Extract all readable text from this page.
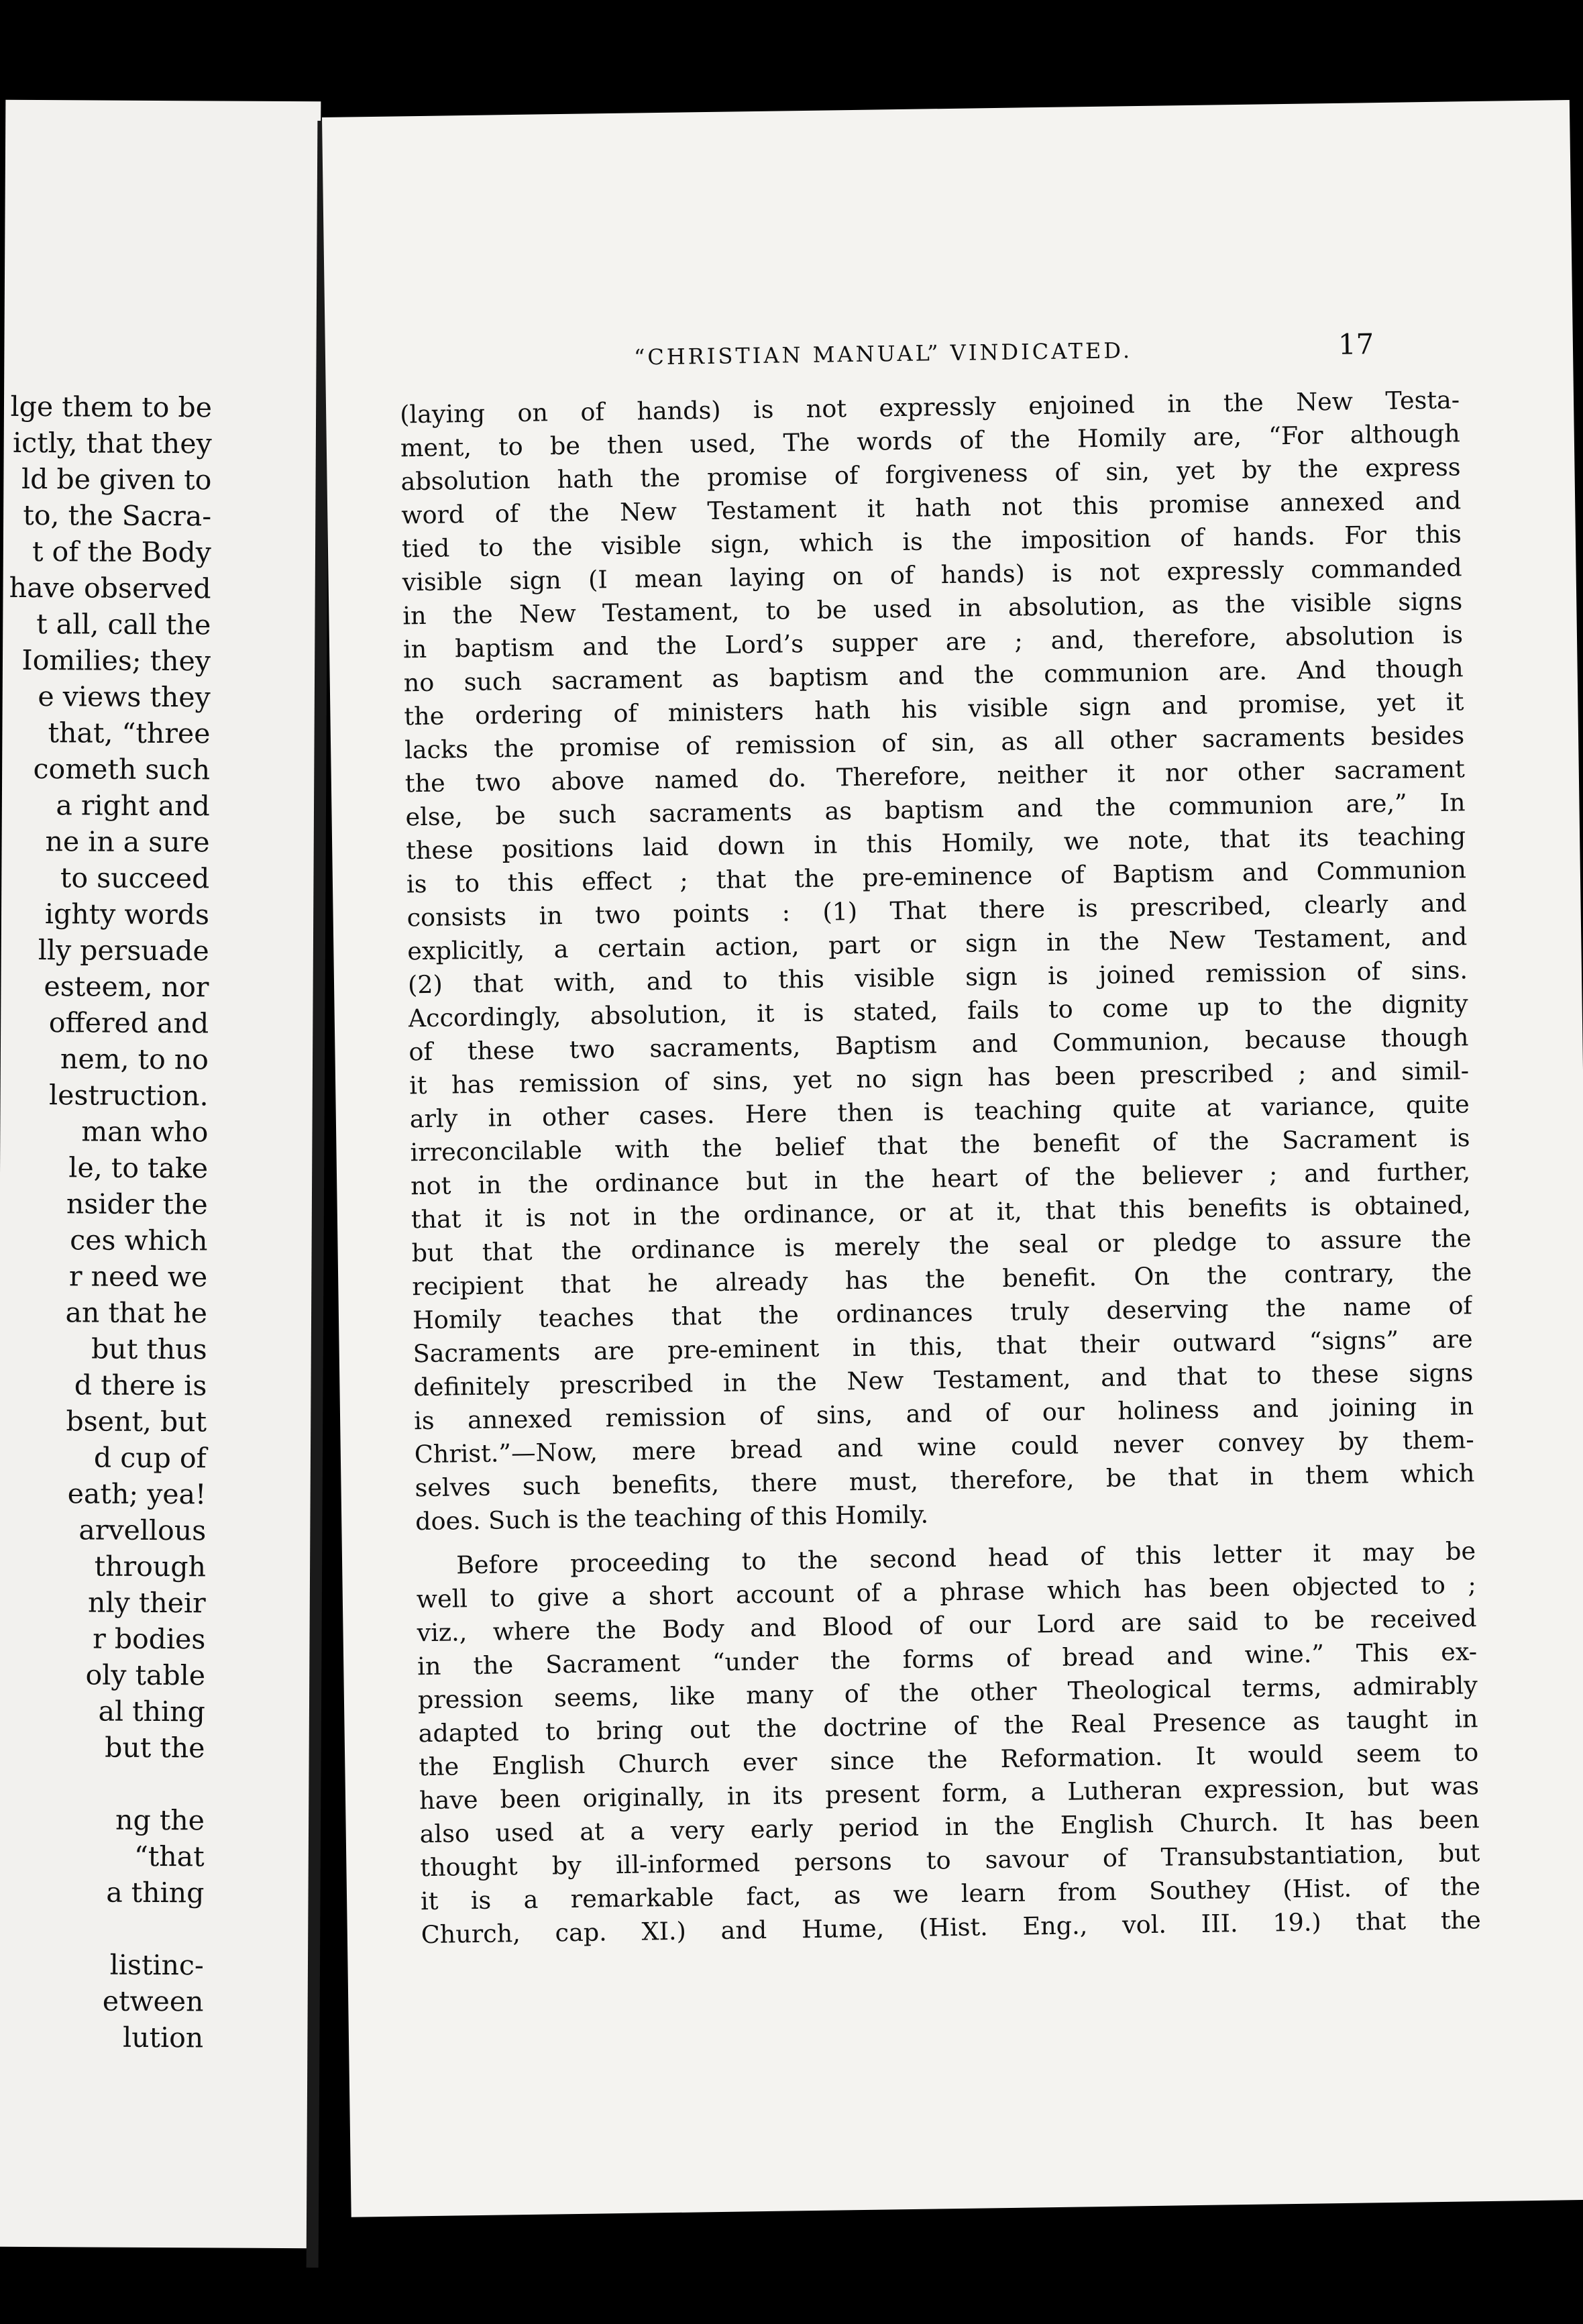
lge them to be
ictly, that they
ld be given to
to, the Sacra-
t of the Body
have observed
t all, call the
Iomilies; they
e views they
that, “three
cometh such
a right and
ne in a sure
to succeed
ighty words
lly persuade
esteem, nor
offered and
nem, to no
lestruction.
man who
le, to take
nsider the
ces which
r need we
an that he
but thus
d there is
bsent, but
d cup of
eath; yea!
arvellous
through
nly their
r bodies
oly table
al thing
but the
ng the
“that
a thing
listinc-
etween
lution
“CHRISTIAN MANUAL” VINDICATED.	17
(laying on of hands) is not expressly enjoined in the New Testa-
ment, to be then used, The words of the Homily are, “For although
absolution hath the promise of forgiveness of sin, yet by the express
word of the New Testament it hath not this promise annexed and
tied to the visible sign, which is the imposition of hands. For this
visible sign (I mean laying on of hands) is not expressly commanded
in the New Testament, to be used in absolution, as the visible signs
in baptism and the Lord’s supper are ; and, therefore, absolution is
no such sacrament as baptism and the communion are. And though
the ordering of ministers hath his visible sign and promise, yet it
lacks the promise of remission of sin, as all other sacraments besides
the two above named do. Therefore, neither it nor other sacrament
else, be such sacraments as baptism and the communion are,” In
these positions laid down in this Homily, we note, that its teaching
is to this effect ; that the pre-eminence of Baptism and Communion
consists in two points : (1) That there is prescribed, clearly and
explicitly, a certain action, part or sign in the New Testament, and
(2) that with, and to this visible sign is joined remission of sins.
Accordingly, absolution, it is stated, fails to come up to the dignity
of these two sacraments, Baptism and Communion, because though
it has remission of sins, yet no sign has been prescribed ; and simil-
arly in other cases. Here then is teaching quite at variance, quite
irreconcilable with the belief that the benefit of the Sacrament is
not in the ordinance but in the heart of the believer ; and further,
that it is not in the ordinance, or at it, that this benefits is obtained,
but that the ordinance is merely the seal or pledge to assure the
recipient that he already has the benefit. On the contrary, the
Homily teaches that the ordinances truly deserving the name of
Sacraments are pre-eminent in this, that their outward “signs” are
definitely prescribed in the New Testament, and that to these signs
is annexed remission of sins, and of our holiness and joining in
Christ.”—Now, mere bread and wine could never convey by them-
selves such benefits, there must, therefore, be that in them which
does. Such is the teaching of this Homily.
Before proceeding to the second head of this letter it may be
well to give a short account of a phrase which has been objected to ;
viz., where the Body and Blood of our Lord are said to be received
in the Sacrament “under the forms of bread and wine.” This ex-
pression seems, like many of the other Theological terms, admirably
adapted to bring out the doctrine of the Real Presence as taught in
the English Church ever since the Reformation. It would seem to
have been originally, in its present form, a Lutheran expression, but was
also used at a very early period in the English Church. It has been
thought by ill-informed persons to savour of Transubstantiation, but
it is a remarkable fact, as we learn from Southey (Hist. of the
Church, cap. XI.) and Hume, (Hist. Eng., vol. III. 19.) that the
